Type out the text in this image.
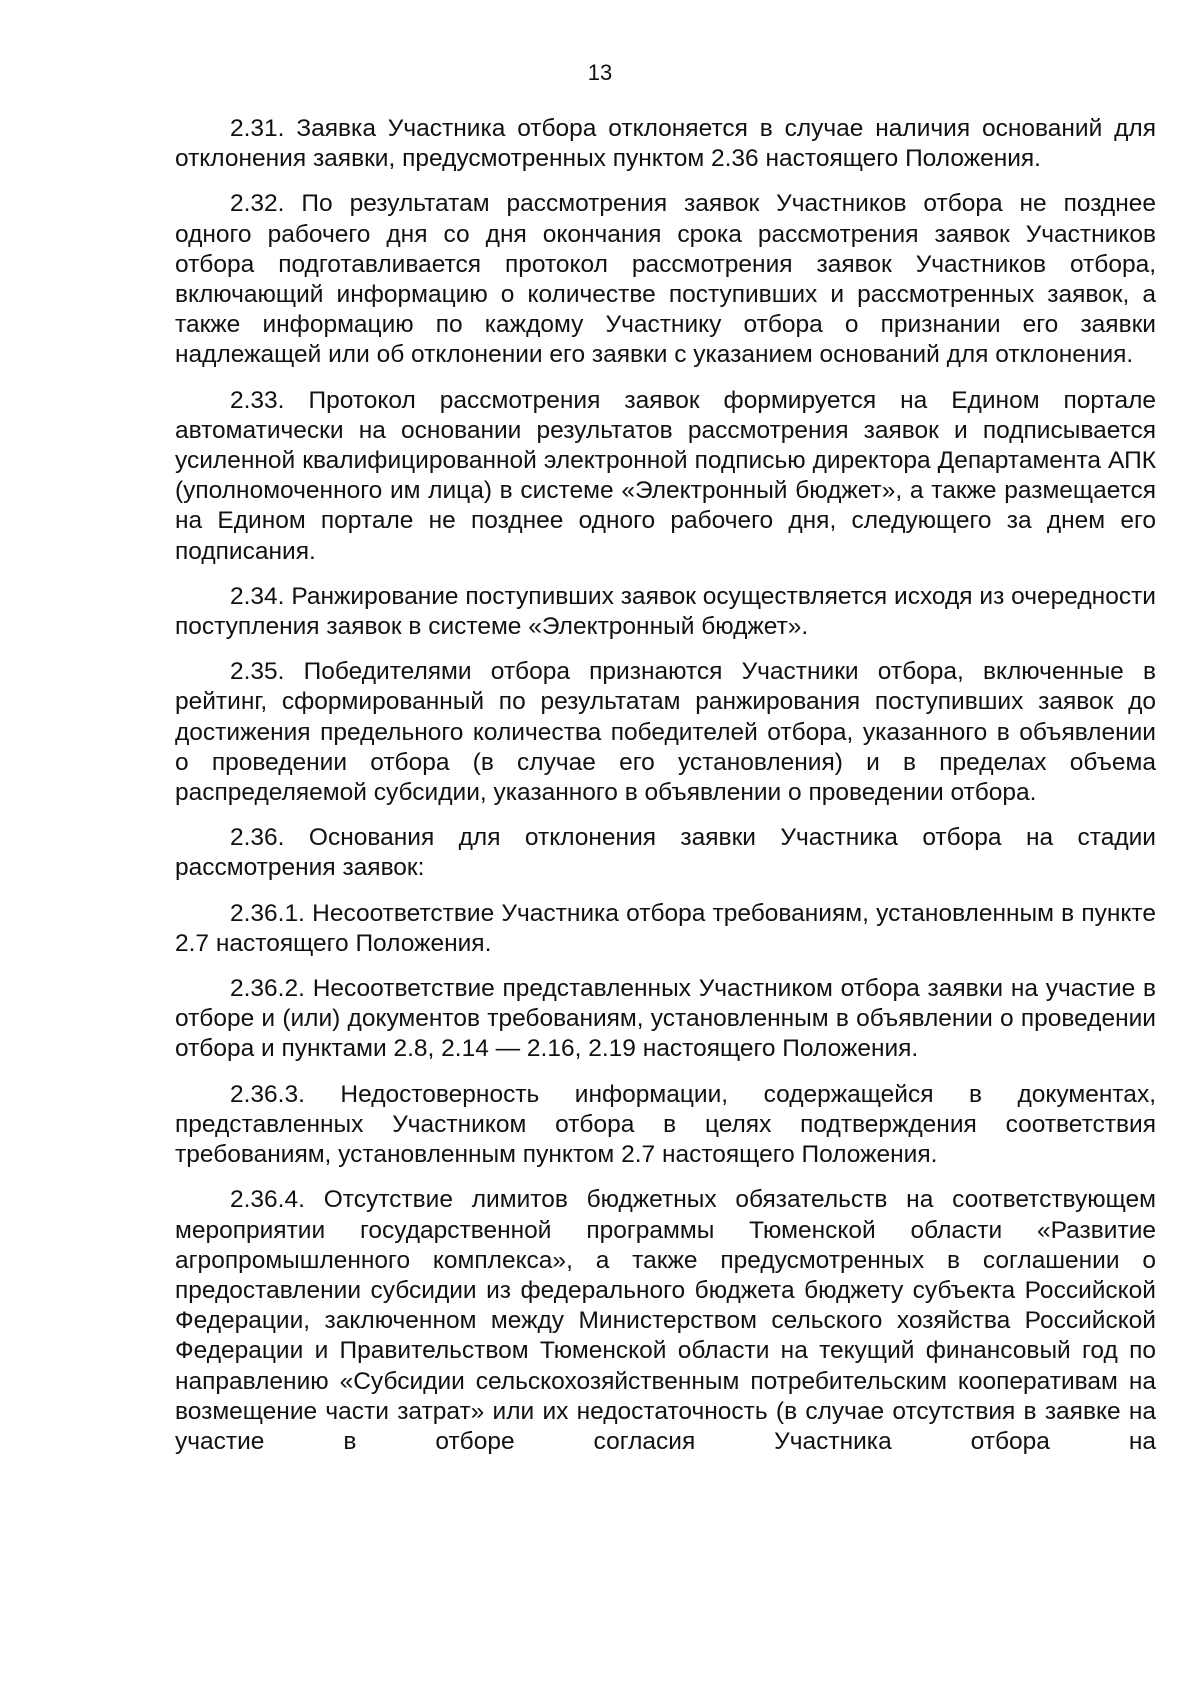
13

2.31. Заявка Участника отбора отклоняется в случае наличия оснований для отклонения заявки, предусмотренных пунктом 2.36 настоящего Положения.

2.32. По результатам рассмотрения заявок Участников отбора не позднее одного рабочего дня со дня окончания срока рассмотрения заявок Участников отбора подготавливается протокол рассмотрения заявок Участников отбора, включающий информацию о количестве поступивших и рассмотренных заявок, а также информацию по каждому Участнику отбора о признании его заявки надлежащей или об отклонении его заявки с указанием оснований для отклонения.

2.33. Протокол рассмотрения заявок формируется на Едином портале автоматически на основании результатов рассмотрения заявок и подписывается усиленной квалифицированной электронной подписью директора Департамента АПК (уполномоченного им лица) в системе «Электронный бюджет», а также размещается на Едином портале не позднее одного рабочего дня, следующего за днем его подписания.

2.34. Ранжирование поступивших заявок осуществляется исходя из очередности поступления заявок в системе «Электронный бюджет».

2.35. Победителями отбора признаются Участники отбора, включенные в рейтинг, сформированный по результатам ранжирования поступивших заявок до достижения предельного количества победителей отбора, указанного в объявлении о проведении отбора (в случае его установления) и в пределах объема распределяемой субсидии, указанного в объявлении о проведении отбора.

2.36. Основания для отклонения заявки Участника отбора на стадии рассмотрения заявок:

2.36.1. Несоответствие Участника отбора требованиям, установленным в пункте 2.7 настоящего Положения.

2.36.2. Несоответствие представленных Участником отбора заявки на участие в отборе и (или) документов требованиям, установленным в объявлении о проведении отбора и пунктами 2.8, 2.14 — 2.16, 2.19 настоящего Положения.

2.36.3. Недостоверность информации, содержащейся в документах, представленных Участником отбора в целях подтверждения соответствия требованиям, установленным пунктом 2.7 настоящего Положения.

2.36.4. Отсутствие лимитов бюджетных обязательств на соответствующем мероприятии государственной программы Тюменской области «Развитие агропромышленного комплекса», а также предусмотренных в соглашении о предоставлении субсидии из федерального бюджета бюджету субъекта Российской Федерации, заключенном между Министерством сельского хозяйства Российской Федерации и Правительством Тюменской области на текущий финансовый год по направлению «Субсидии сельскохозяйственным потребительским кооперативам на возмещение части затрат» или их недостаточность (в случае отсутствия в заявке на участие в отборе согласия Участника отбора на
